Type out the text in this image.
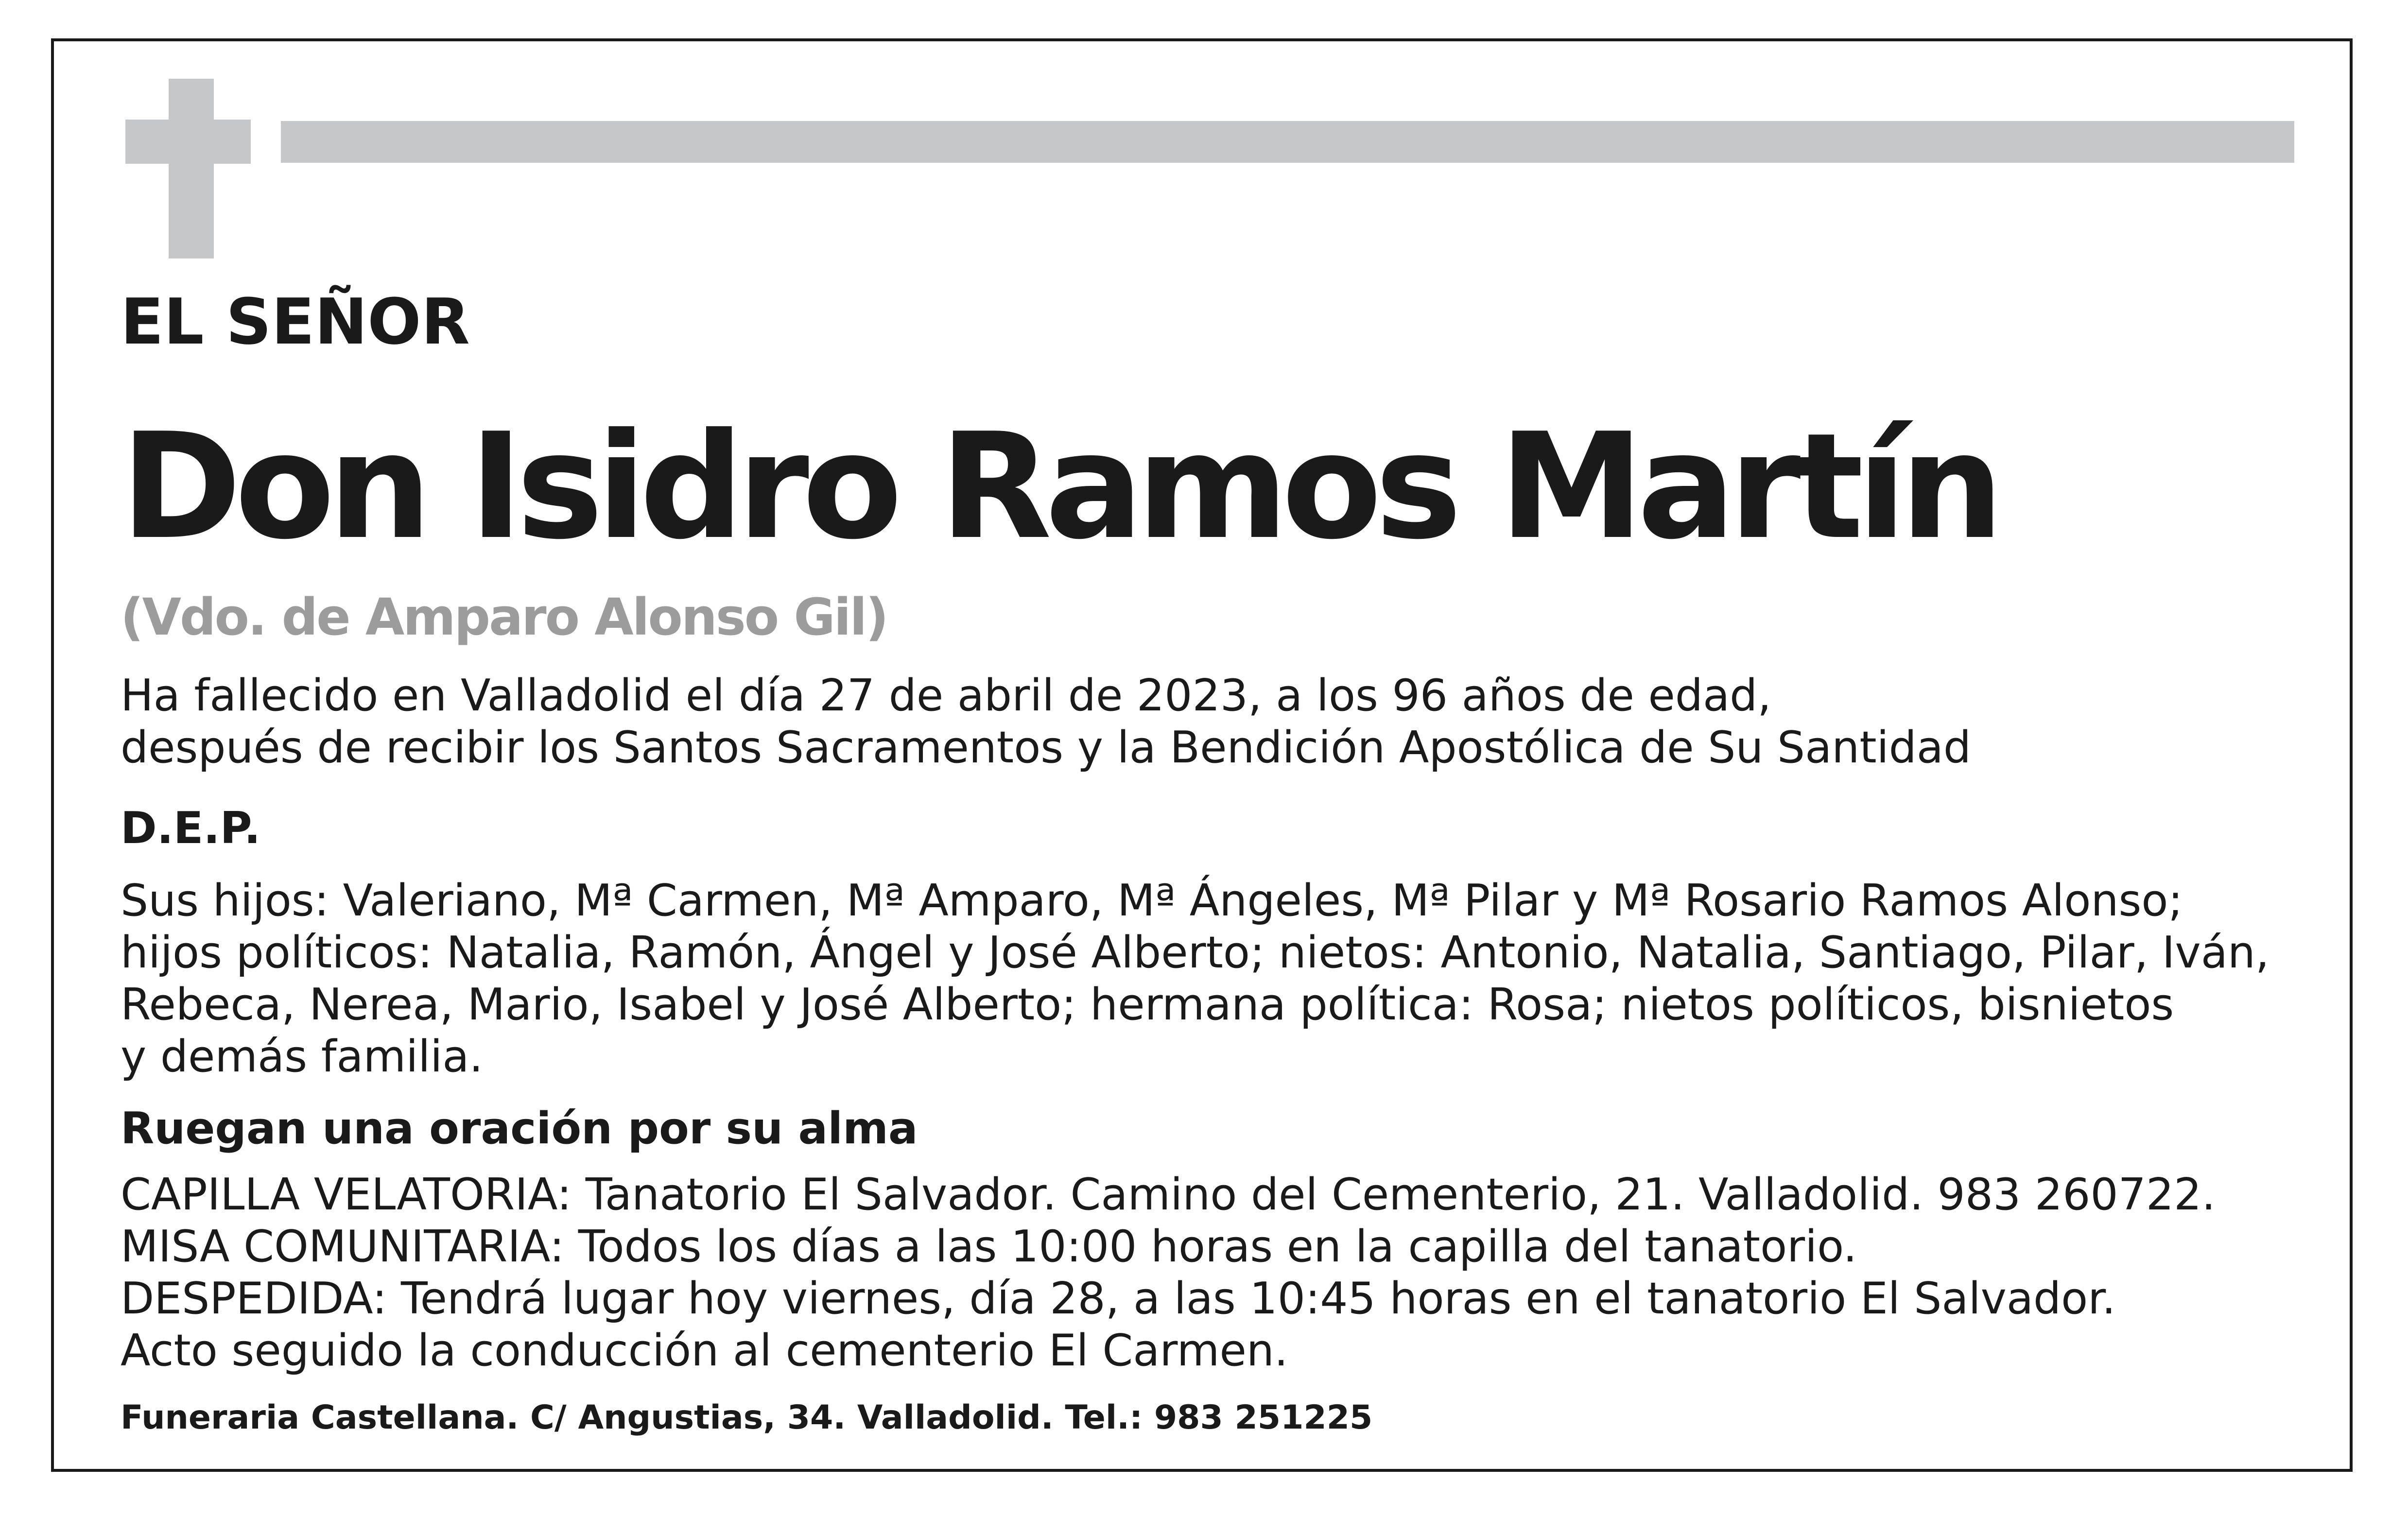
EL SEÑOR
Don Isidro Ramos Martín
(Vdo. de Amparo Alonso Gil)
Ha fallecido en Valladolid el día 27 de abril de 2023, a los 96 años de edad,
después de recibir los Santos Sacramentos y la Bendición Apostólica de Su Santidad
D.E.P.
Sus hijos: Valeriano, Mª Carmen, Mª Amparo, Mª Ángeles, Mª Pilar y Mª Rosario Ramos Alonso;
hijos políticos: Natalia, Ramón, Ángel y José Alberto; nietos: Antonio, Natalia, Santiago, Pilar, Iván,
Rebeca, Nerea, Mario, Isabel y José Alberto; hermana política: Rosa; nietos políticos, bisnietos
y demás familia.
Ruegan una oración por su alma
CAPILLA VELATORIA: Tanatorio El Salvador. Camino del Cementerio, 21. Valladolid. 983 260722.
MISA COMUNITARIA: Todos los días a las 10:00 horas en la capilla del tanatorio.
DESPEDIDA: Tendrá lugar hoy viernes, día 28, a las 10:45 horas en el tanatorio El Salvador.
Acto seguido la conducción al cementerio El Carmen.
Funeraria Castellana. C/ Angustias, 34. Valladolid. Tel.: 983 251225
